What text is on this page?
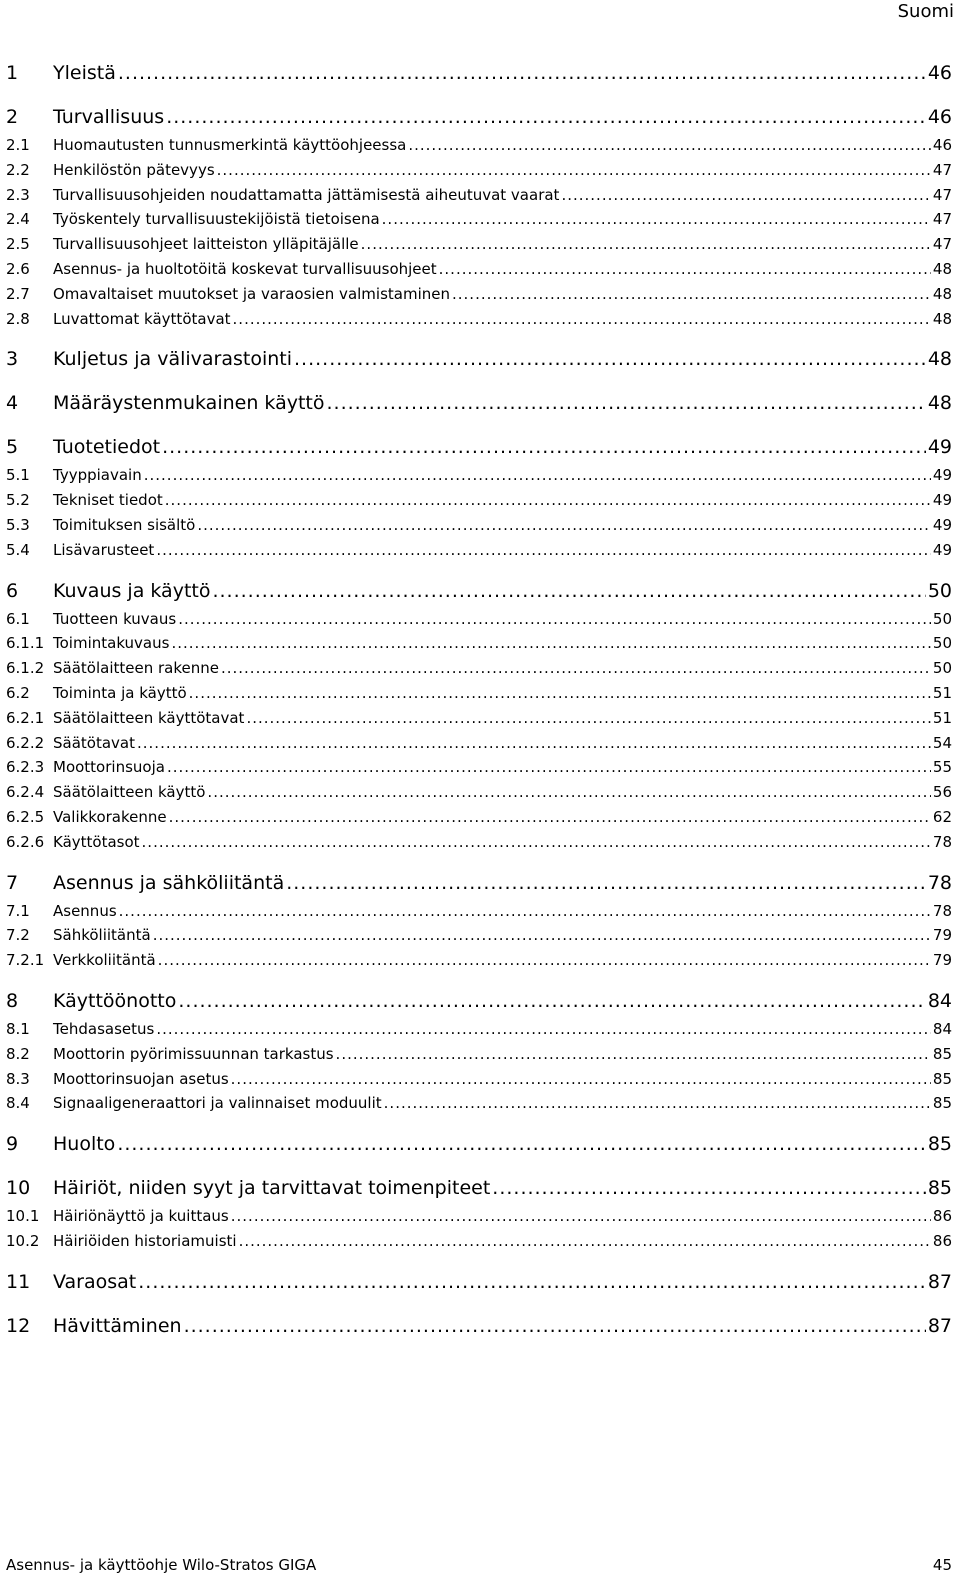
Suomi
1	Yleistä .....	46
2	Turvallisuus .....	46
2.1	Huomautusten tunnusmerkintä käyttöohjeessa .....	46
2.2	Henkilöstön pätevyys .....	47
2.3	Turvallisuusohjeiden noudattamatta jättämisestä aiheutuvat vaarat .....	47
2.4	Työskentely turvallisuustekijöistä tietoisena .....	47
2.5	Turvallisuusohjeet laitteiston ylläpitäjälle .....	47
2.6	Asennus- ja huoltotöitä koskevat turvallisuusohjeet .....	48
2.7	Omavaltaiset muutokset ja varaosien valmistaminen .....	48
2.8	Luvattomat käyttötavat .....	48
3	Kuljetus ja välivarastointi .....	48
4	Määräystenmukainen käyttö .....	48
5	Tuotetiedot .....	49
5.1	Tyyppiavain .....	49
5.2	Tekniset tiedot .....	49
5.3	Toimituksen sisältö .....	49
5.4	Lisävarusteet .....	49
6	Kuvaus ja käyttö .....	50
6.1	Tuotteen kuvaus .....	50
6.1.1 Toimintakuvaus .....	50
6.1.2 Säätölaitteen rakenne .....	50
6.2	Toiminta ja käyttö .....	51
6.2.1 Säätölaitteen käyttötavat .....	51
6.2.2 Säätötavat .....	54
6.2.3 Moottorinsuoja .....	55
6.2.4 Säätölaitteen käyttö .....	56
6.2.5 Valikkorakenne .....	62
6.2.6 Käyttötasot .....	78
7	Asennus ja sähköliitäntä .....	78
7.1	Asennus .....	78
7.2	Sähköliitäntä .....	79
7.2.1 Verkkoliitäntä .....	79
8	Käyttöönotto .....	84
8.1	Tehdasasetus .....	84
8.2	Moottorin pyörimissuunnan tarkastus .....	85
8.3	Moottorinsuojan asetus .....	85
8.4	Signaaligeneraattori ja valinnaiset moduulit .....	85
9	Huolto .....	85
10	Häiriöt, niiden syyt ja tarvittavat toimenpiteet .....	85
10.1 Häiriönäyttö ja kuittaus .....	86
10.2 Häiriöiden historiamuisti .....	86
11	Varaosat .....	87
12	Hävittäminen .....	87
Asennus- ja käyttöohje Wilo-Stratos GIGA	45
